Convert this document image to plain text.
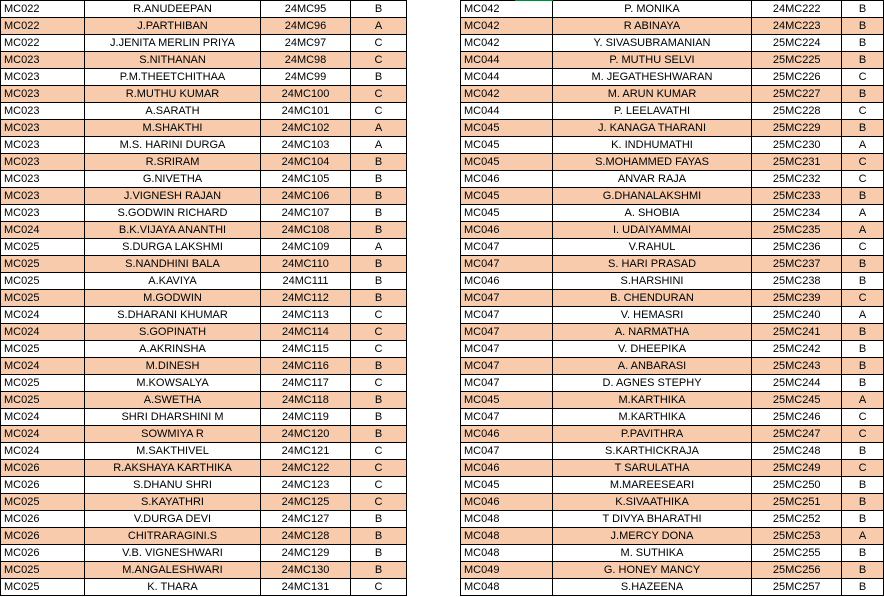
MC022	R.ANUDEEPAN	24MC95	B
MC022	J.PARTHIBAN	24MC96	A
MC022	J.JENITA MERLIN PRIYA	24MC97	C
MC023	S.NITHANAN	24MC98	C
MC023	P.M.THEETCHITHAA	24MC99	B
MC023	R.MUTHU KUMAR	24MC100	C
MC023	A.SARATH	24MC101	C
MC023	M.SHAKTHI	24MC102	A
MC023	M.S. HARINI DURGA	24MC103	A
MC023	R.SRIRAM	24MC104	B
MC023	G.NIVETHA	24MC105	B
MC023	J.VIGNESH RAJAN	24MC106	B
MC023	S.GODWIN RICHARD	24MC107	B
MC024	B.K.VIJAYA ANANTHI	24MC108	B
MC025	S.DURGA LAKSHMI	24MC109	A
MC025	S.NANDHINI BALA	24MC110	B
MC025	A.KAVIYA	24MC111	B
MC025	M.GODWIN	24MC112	B
MC024	S.DHARANI KHUMAR	24MC113	C
MC024	S.GOPINATH	24MC114	C
MC025	A.AKRINSHA	24MC115	C
MC024	M.DINESH	24MC116	B
MC025	M.KOWSALYA	24MC117	C
MC025	A.SWETHA	24MC118	B
MC024	SHRI DHARSHINI M	24MC119	B
MC024	SOWMIYA R	24MC120	B
MC024	M.SAKTHIVEL	24MC121	C
MC026	R.AKSHAYA KARTHIKA	24MC122	C
MC026	S.DHANU SHRI	24MC123	C
MC025	S.KAYATHRI	24MC125	C
MC026	V.DURGA DEVI	24MC127	B
MC026	CHITRARAGINI.S	24MC128	B
MC026	V.B. VIGNESHWARI	24MC129	B
MC025	M.ANGALESHWARI	24MC130	B
MC025	K. THARA	24MC131	C
MC042	P. MONIKA	24MC222	B
MC042	R ABINAYA	24MC223	B
MC042	Y. SIVASUBRAMANIAN	25MC224	B
MC044	P. MUTHU SELVI	25MC225	B
MC044	M. JEGATHESHWARAN	25MC226	C
MC042	M. ARUN KUMAR	25MC227	B
MC044	P. LEELAVATHI	25MC228	C
MC045	J. KANAGA THARANI	25MC229	B
MC045	K. INDHUMATHI	25MC230	A
MC045	S.MOHAMMED FAYAS	25MC231	C
MC046	ANVAR RAJA	25MC232	C
MC045	G.DHANALAKSHMI	25MC233	B
MC045	A. SHOBIA	25MC234	A
MC046	I. UDAIYAMMAI	25MC235	A
MC047	V.RAHUL	25MC236	C
MC047	S. HARI PRASAD	25MC237	B
MC046	S.HARSHINI	25MC238	B
MC047	B. CHENDURAN	25MC239	C
MC047	V. HEMASRI	25MC240	A
MC047	A. NARMATHA	25MC241	B
MC047	V. DHEEPIKA	25MC242	B
MC047	A. ANBARASI	25MC243	B
MC047	D. AGNES STEPHY	25MC244	B
MC045	M.KARTHIKA	25MC245	A
MC047	M.KARTHIKA	25MC246	C
MC046	P.PAVITHRA	25MC247	C
MC047	S.KARTHICKRAJA	25MC248	B
MC046	T SARULATHA	25MC249	C
MC045	M.MAREESEARI	25MC250	B
MC046	K.SIVAATHIKA	25MC251	B
MC048	T DIVYA BHARATHI	25MC252	B
MC048	J.MERCY DONA	25MC253	A
MC048	M. SUTHIKA	25MC255	B
MC049	G. HONEY MANCY	25MC256	B
MC048	S.HAZEENA	25MC257	B
